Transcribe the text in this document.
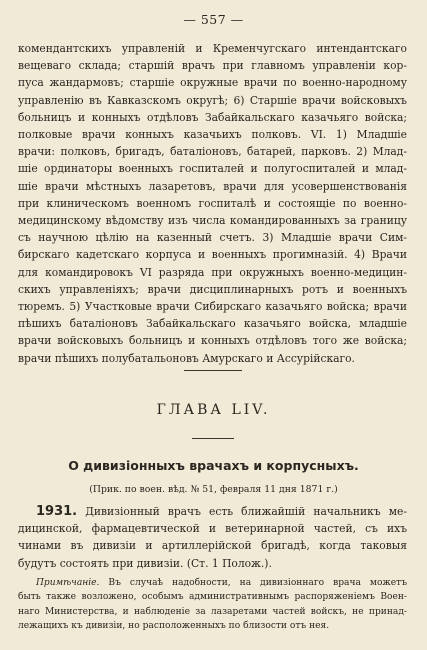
— 557 —
комендантскихъ управленій и Кременчугскаго интендантскаго
вещеваго склада; старшій врачъ при главномъ управленіи кор-
пуса жандармовъ; старшіе окружные врачи по военно-народному
управленію въ Кавказскомъ округѣ; 6) Старшіе врачи войсковыхъ
больницъ и конныхъ отдѣловъ Забайкальскаго казачьяго войска;
полковые врачи конныхъ казачьихъ полковъ. VI. 1) Младшіе
врачи: полковъ, бригадъ, баталіоновъ, батарей, парковъ. 2) Млад-
шіе ординаторы военныхъ госпиталей и полугоспиталей и млад-
шіе врачи мѣстныхъ лазаретовъ, врачи для усовершенствованія
при клиническомъ военномъ госпиталѣ и состоящіе по военно-
медицинскому вѣдомству изъ числа командированныхъ за границу
съ научною цѣлію на казенный счетъ. 3) Младшіе врачи Сим-
бирскаго кадетскаго корпуса и военныхъ прогимназій. 4) Врачи
для командировокъ VI разряда при окружныхъ военно-медицин-
скихъ управленіяхъ; врачи дисциплинарныхъ ротъ и военныхъ
тюремъ. 5) Участковые врачи Сибирскаго казачьяго войска; врачи
пѣшихъ баталіоновъ Забайкальскаго казачьяго войска, младшіе
врачи войсковыхъ больницъ и конныхъ отдѣловъ того же войска;
врачи пѣшихъ полубатальоновъ Амурскаго и Ассурійскаго.
ГЛАВА LIV.
О дивизіонныхъ врачахъ и корпусныхъ.
(Прик. по воен. вѣд. № 51, февраля 11 дня 1871 г.)
1931. Дивизіонный врачъ есть ближайшій начальникъ ме-
дицинской, фармацевтической и ветеринарной частей, съ ихъ
чинами въ дивизіи и артиллерійской бригадѣ, когда таковыя
будутъ состоять при дивизіи. (Ст. 1 Полож.).
Примѣчаніе. Въ случаѣ надобности, на дивизіоннаго врача можетъ
быть также возложено, особымъ административнымъ распоряженіемъ Воен-
наго Министерства, и наблюденіе за лазаретами частей войскъ, не принад-
лежащихъ къ дивизіи, но расположенныхъ по близости отъ нея.
